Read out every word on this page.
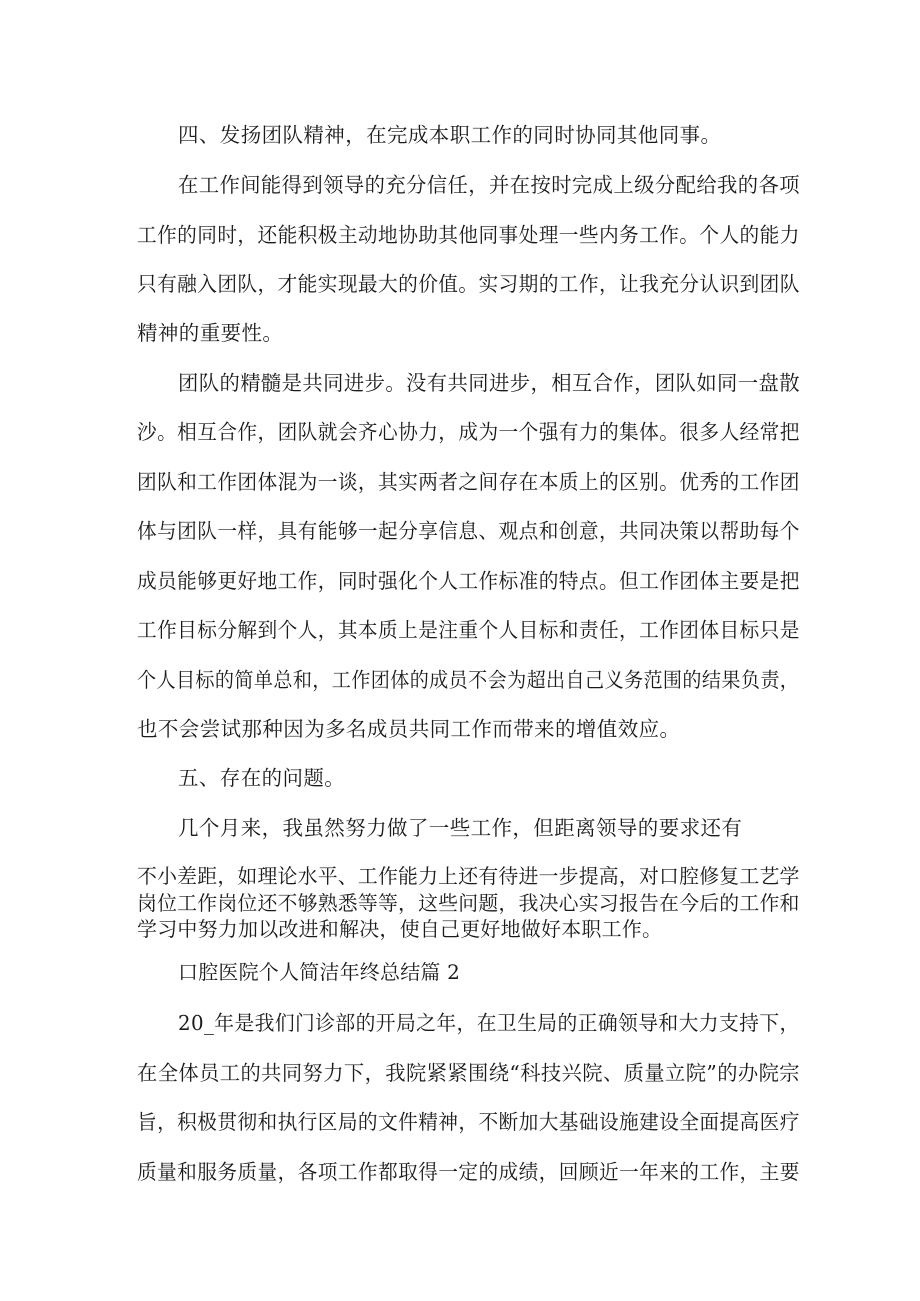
四、发扬团队精神，在完成本职工作的同时协同其他同事。
在工作间能得到领导的充分信任，并在按时完成上级分配给我的各项
工作的同时，还能积极主动地协助其他同事处理一些内务工作。个人的能力
只有融入团队，才能实现最大的价值。实习期的工作，让我充分认识到团队
精神的重要性。
团队的精髓是共同进步。没有共同进步，相互合作，团队如同一盘散
沙。相互合作，团队就会齐心协力，成为一个强有力的集体。很多人经常把
团队和工作团体混为一谈，其实两者之间存在本质上的区别。优秀的工作团
体与团队一样，具有能够一起分享信息、观点和创意，共同决策以帮助每个
成员能够更好地工作，同时强化个人工作标准的特点。但工作团体主要是把
工作目标分解到个人，其本质上是注重个人目标和责任，工作团体目标只是
个人目标的简单总和，工作团体的成员不会为超出自己义务范围的结果负责，
也不会尝试那种因为多名成员共同工作而带来的增值效应。
五、存在的问题。
几个月来，我虽然努力做了一些工作，但距离领导的要求还有
不小差距，如理论水平、工作能力上还有待进一步提高，对口腔修复工艺学
岗位工作岗位还不够熟悉等等，这些问题，我决心实习报告在今后的工作和
学习中努力加以改进和解决，使自己更好地做好本职工作。
口腔医院个人简洁年终总结篇 2
20_年是我们门诊部的开局之年，在卫生局的正确领导和大力支持下，
在全体员工的共同努力下，我院紧紧围绕“科技兴院、质量立院”的办院宗
旨，积极贯彻和执行区局的文件精神，不断加大基础设施建设全面提高医疗
质量和服务质量，各项工作都取得一定的成绩，回顾近一年来的工作，主要
